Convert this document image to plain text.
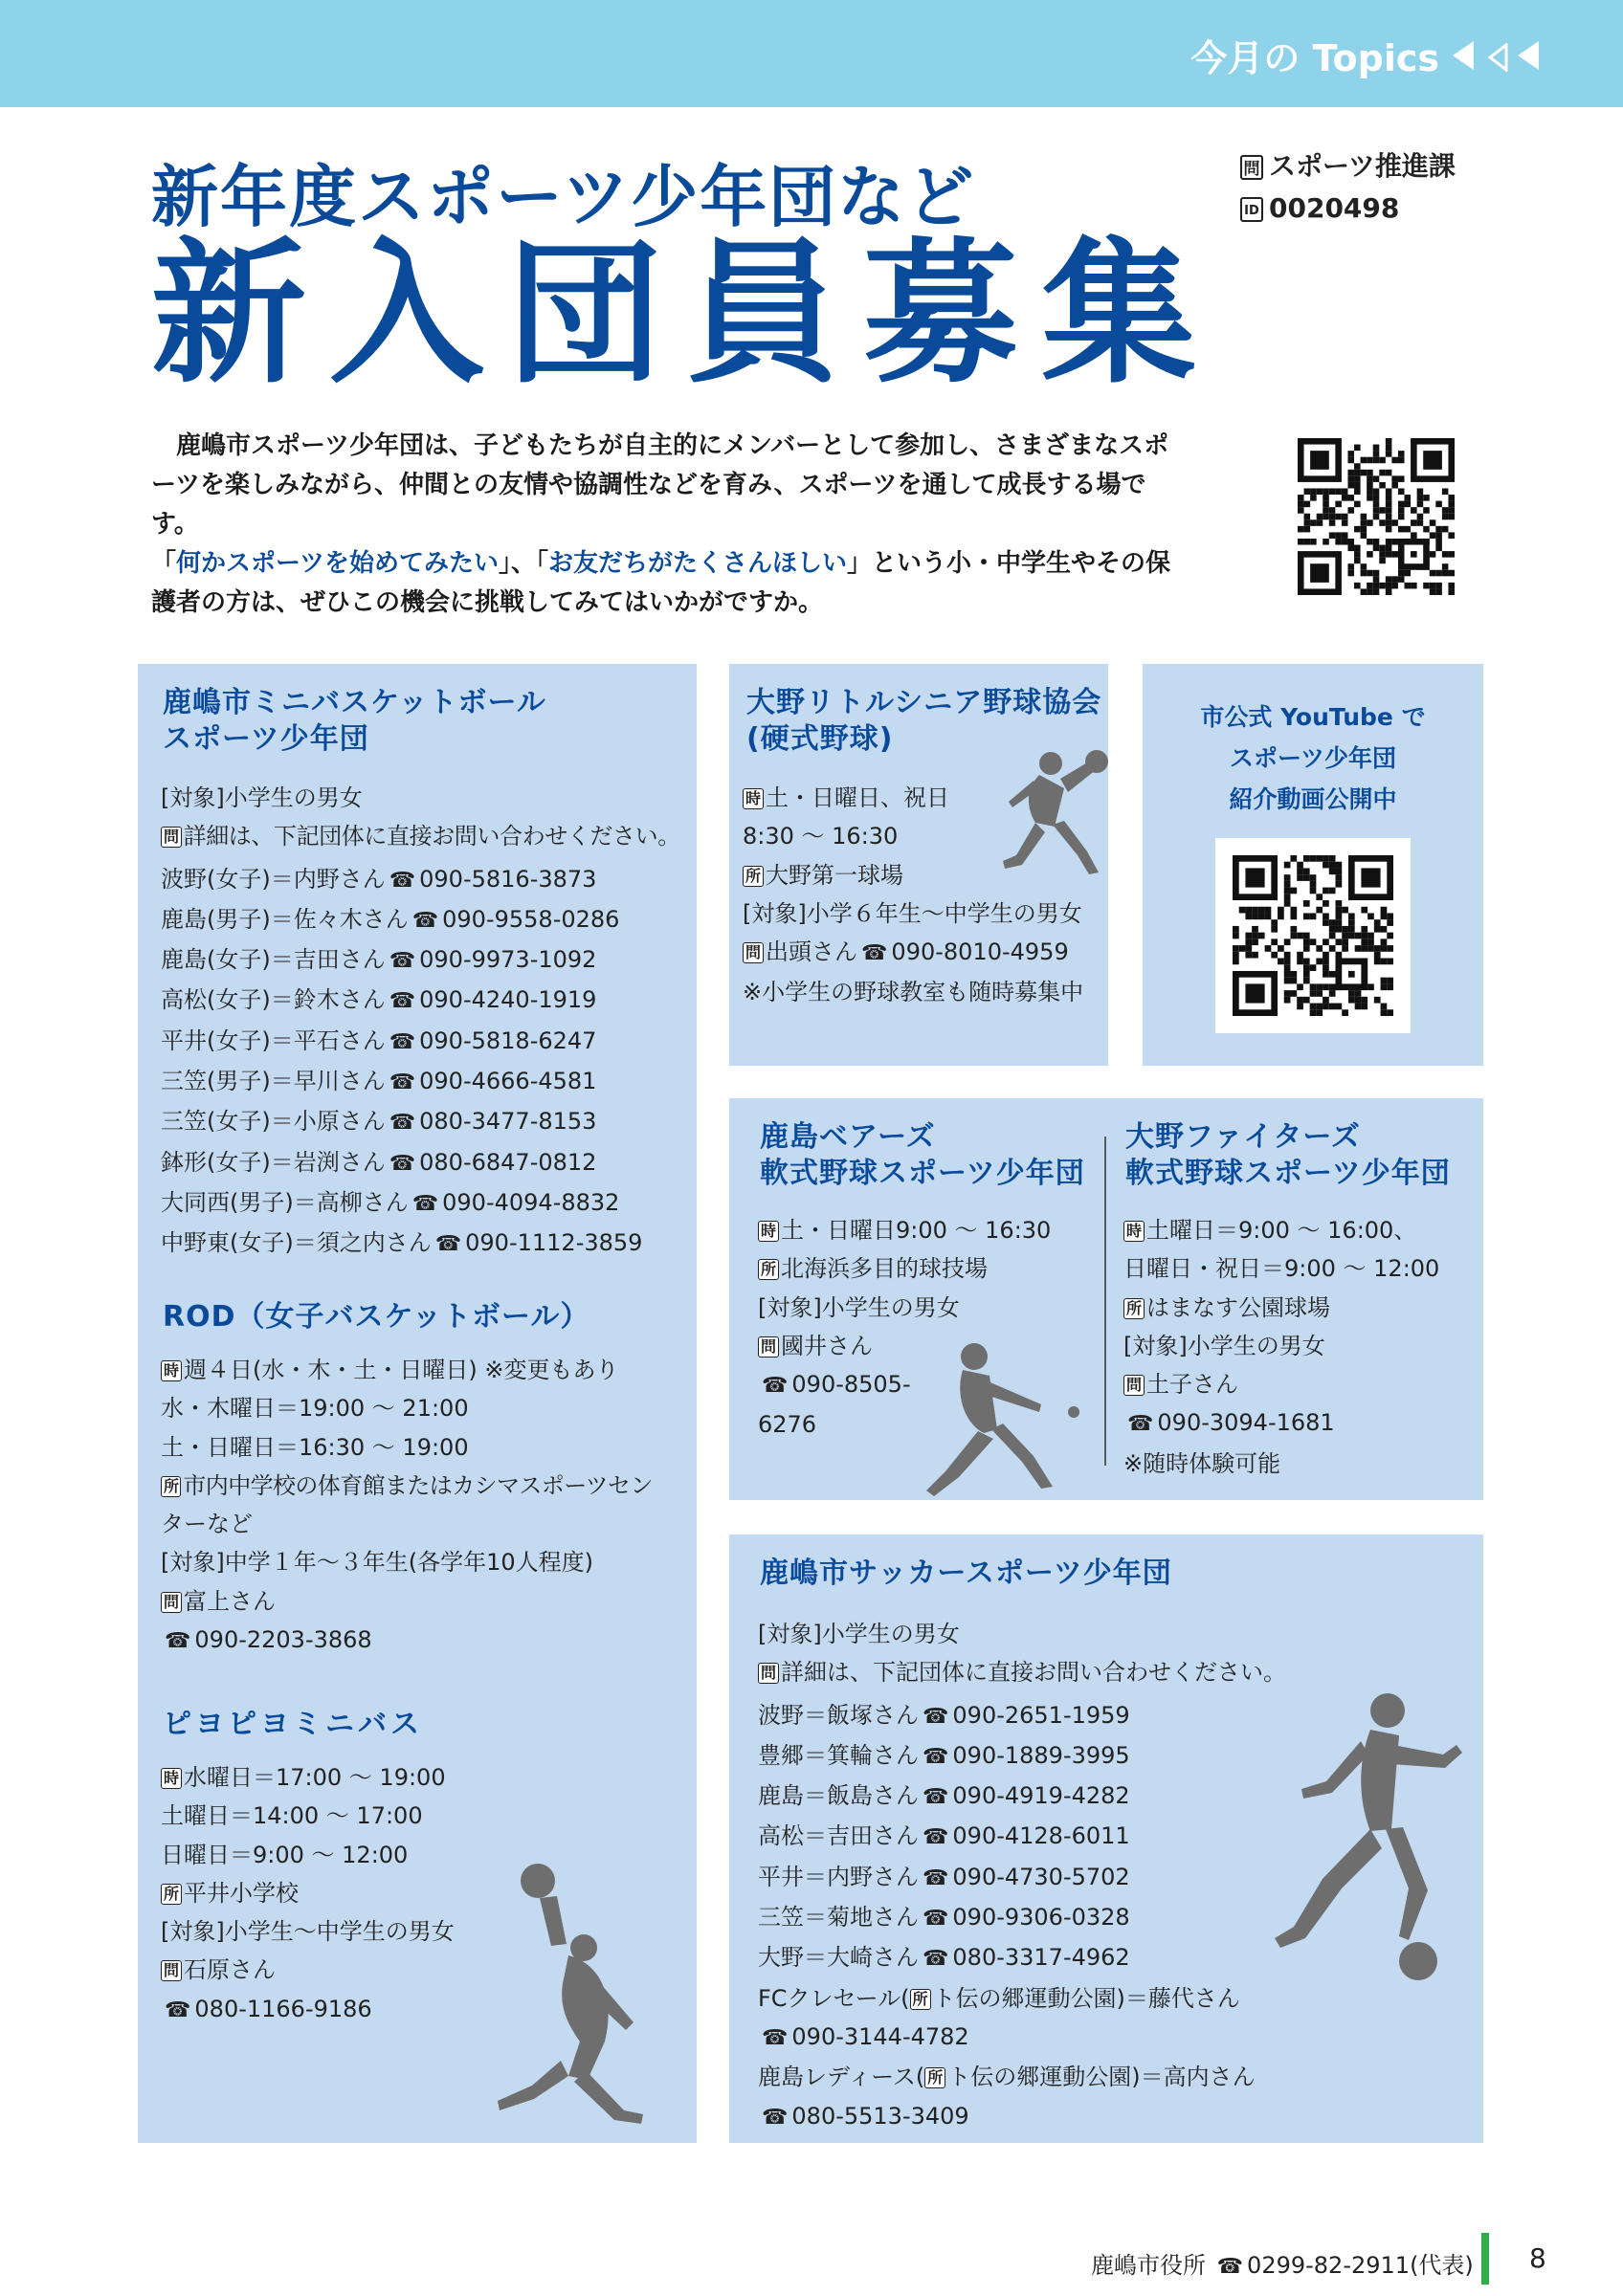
今月の Topics
新年度スポーツ少年団など
新入団員募集
問 スポーツ推進課
ID 0020498

鹿嶋市スポーツ少年団は、子どもたちが自主的にメンバーとして参加し、さまざまなスポーツを楽しみながら、仲間との友情や協調性などを育み、スポーツを通して成長する場です。

「何かスポーツを始めてみたい」、「お友だちがたくさんほしい」という小・中学生やその保護者の方は、ぜひこの機会に挑戦してみてはいかがですか。

鹿嶋市ミニバスケットボール
スポーツ少年団
[対象]小学生の男女
問 詳細は、下記団体に直接お問い合わせください。
波野(女子)＝内野さん ☎ 090-5816-3873
鹿島(男子)＝佐々木さん ☎ 090-9558-0286
鹿島(女子)＝吉田さん ☎ 090-9973-1092
高松(女子)＝鈴木さん ☎ 090-4240-1919
平井(女子)＝平石さん ☎ 090-5818-6247
三笠(男子)＝早川さん ☎ 090-4666-4581
三笠(女子)＝小原さん ☎ 080-3477-8153
鉢形(女子)＝岩渕さん ☎ 080-6847-0812
大同西(男子)＝高柳さん ☎ 090-4094-8832
中野東(女子)＝須之内さん ☎ 090-1112-3859
ROD（女子バスケットボール）
時 週４日(水・木・土・日曜日) ※変更もあり
水・木曜日＝19:00 ～ 21:00
土・日曜日＝16:30 ～ 19:00
所 市内中学校の体育館またはカシマスポーツセン
ターなど
[対象]中学１年～３年生(各学年10人程度)
問 富上さん
☎ 090-2203-3868
ピヨピヨミニバス
時 水曜日＝17:00 ～ 19:00
土曜日＝14:00 ～ 17:00
日曜日＝9:00 ～ 12:00
所 平井小学校
[対象]小学生～中学生の男女
問 石原さん
☎ 080-1166-9186
大野リトルシニア野球協会
(硬式野球)
時 土・日曜日、祝日
8:30 ～ 16:30
所 大野第一球場
[対象]小学６年生～中学生の男女
問 出頭さん ☎ 090-8010-4959
※小学生の野球教室も随時募集中
市公式 YouTube で
スポーツ少年団
紹介動画公開中
鹿島ベアーズ
軟式野球スポーツ少年団
時 土・日曜日9:00 ～ 16:30
所 北海浜多目的球技場
[対象]小学生の男女
問 國井さん
☎ 090-8505-
6276
大野ファイターズ
軟式野球スポーツ少年団
時 土曜日＝9:00 ～ 16:00、
日曜日・祝日＝9:00 ～ 12:00
所 はまなす公園球場
[対象]小学生の男女
問 土子さん
☎ 090-3094-1681
※随時体験可能
鹿嶋市サッカースポーツ少年団
[対象]小学生の男女
問 詳細は、下記団体に直接お問い合わせください。
波野＝飯塚さん ☎ 090-2651-1959
豊郷＝箕輪さん ☎ 090-1889-3995
鹿島＝飯島さん ☎ 090-4919-4282
高松＝吉田さん ☎ 090-4128-6011
平井＝内野さん ☎ 090-4730-5702
三笠＝菊地さん ☎ 090-9306-0328
大野＝大崎さん ☎ 080-3317-4962
FCクレセール( 所 ト伝の郷運動公園)＝藤代さん
☎ 090-3144-4782
鹿島レディース( 所 ト伝の郷運動公園)＝高内さん
☎ 080-5513-3409
鹿嶋市役所 ☎ 0299-82-2911(代表) 8
